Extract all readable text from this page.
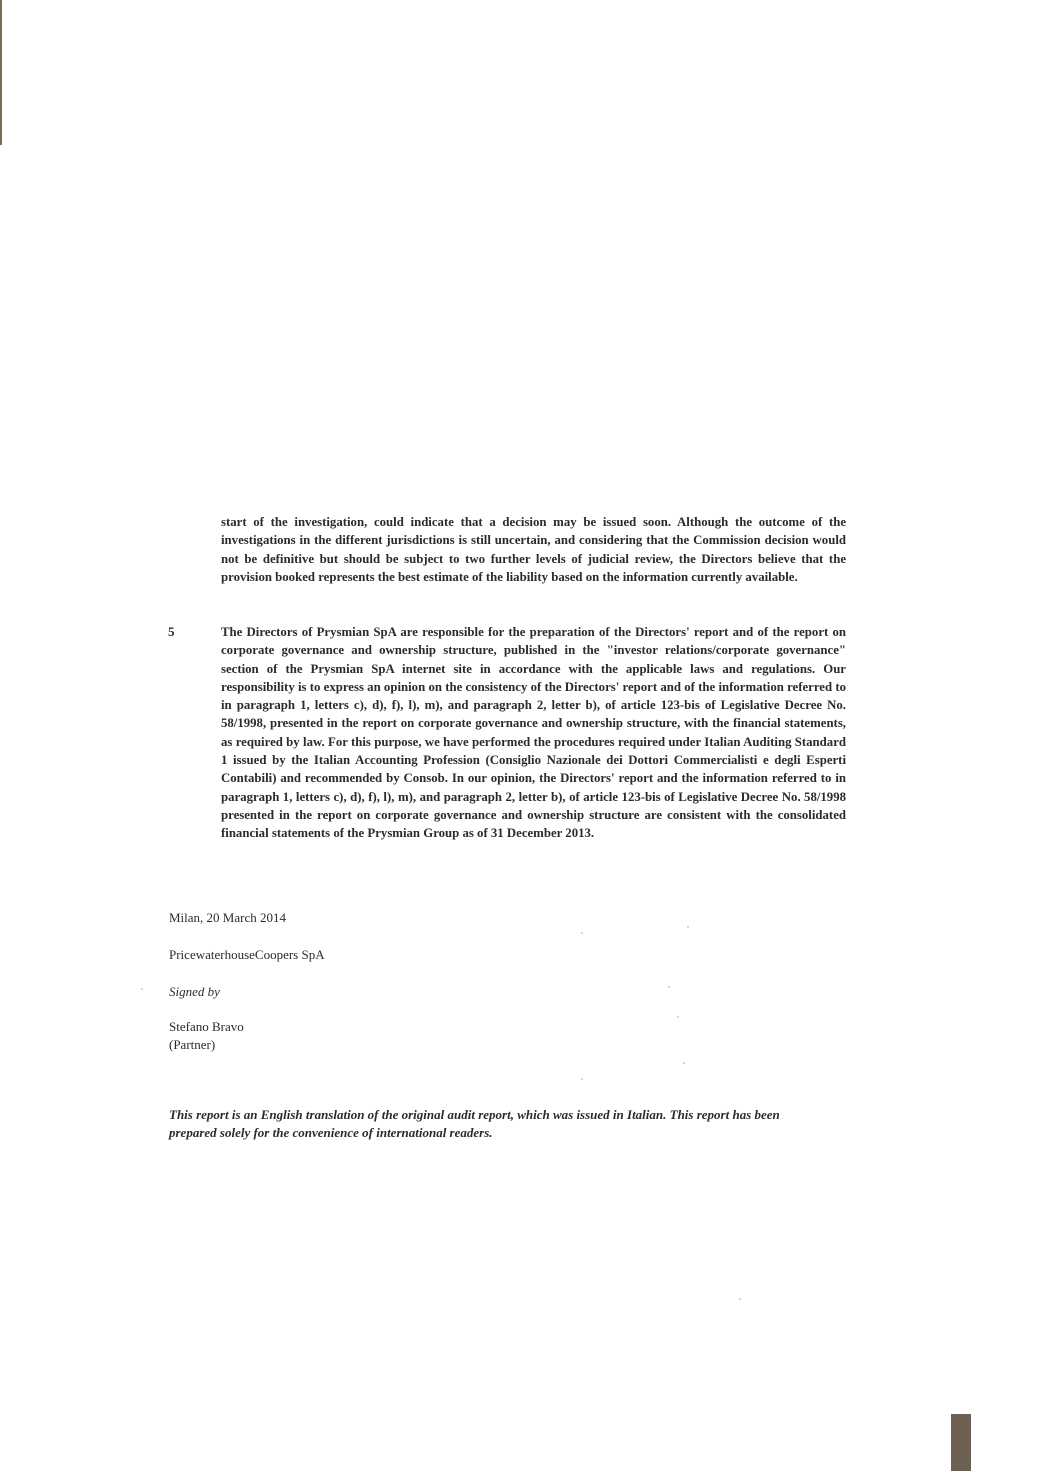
start of the investigation, could indicate that a decision may be issued soon. Although the outcome of the investigations in the different jurisdictions is still uncertain, and considering that the Commission decision would not be definitive but should be subject to two further levels of judicial review, the Directors believe that the provision booked represents the best estimate of the liability based on the information currently available.

5	The Directors of Prysmian SpA are responsible for the preparation of the Directors' report and of the report on corporate governance and ownership structure, published in the "investor relations/corporate governance" section of the Prysmian SpA internet site in accordance with the applicable laws and regulations. Our responsibility is to express an opinion on the consistency of the Directors' report and of the information referred to in paragraph 1, letters c), d), f), l), m), and paragraph 2, letter b), of article 123-bis of Legislative Decree No. 58/1998, presented in the report on corporate governance and ownership structure, with the financial statements, as required by law. For this purpose, we have performed the procedures required under Italian Auditing Standard 1 issued by the Italian Accounting Profession (Consiglio Nazionale dei Dottori Commercialisti e degli Esperti Contabili) and recommended by Consob. In our opinion, the Directors' report and the information referred to in paragraph 1, letters c), d), f), l), m), and paragraph 2, letter b), of article 123-bis of Legislative Decree No. 58/1998 presented in the report on corporate governance and ownership structure are consistent with the consolidated financial statements of the Prysmian Group as of 31 December 2013.

Milan, 20 March 2014
PricewaterhouseCoopers SpA
Signed by
Stefano Bravo
(Partner)

This report is an English translation of the original audit report, which was issued in Italian. This report has been prepared solely for the convenience of international readers.
